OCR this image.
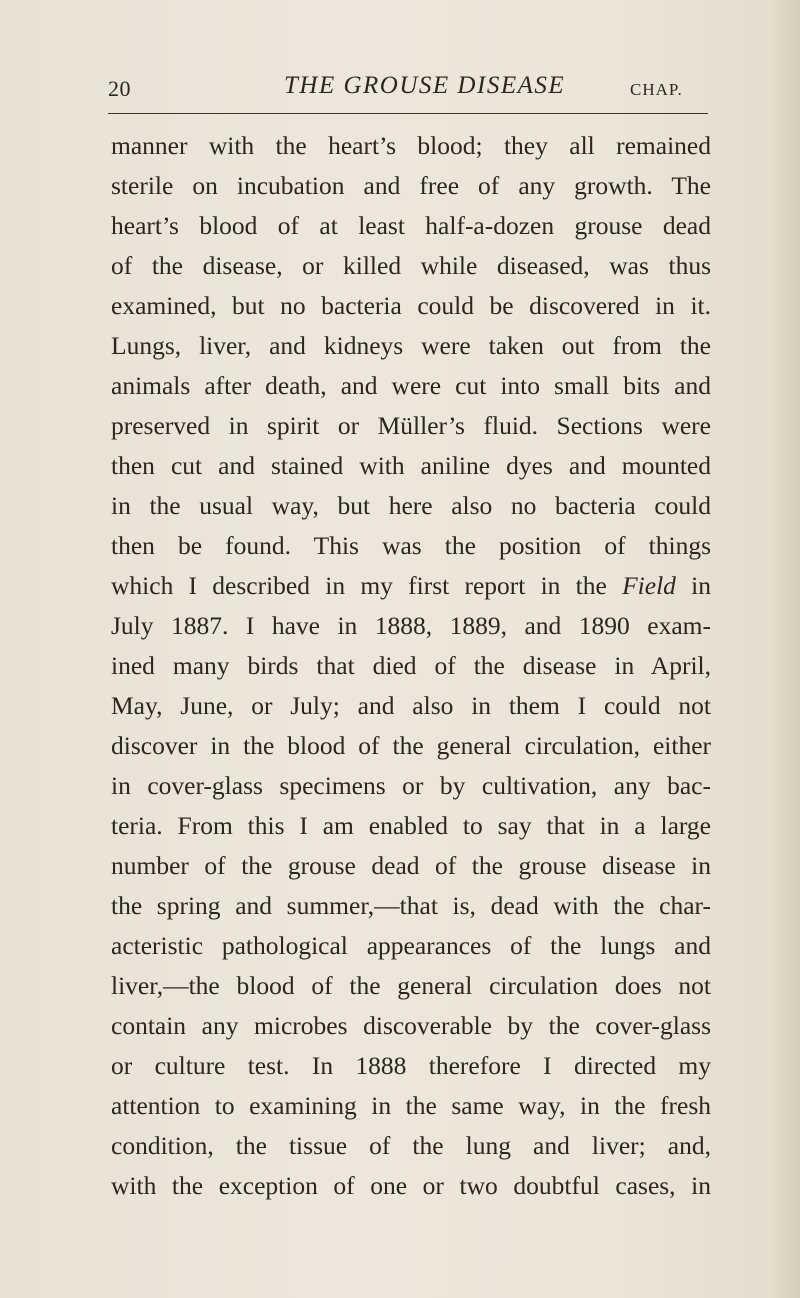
20	THE GROUSE DISEASE	CHAP.
manner with the heart’s blood; they all remained
sterile on incubation and free of any growth. The
heart’s blood of at least half-a-dozen grouse dead
of the disease, or killed while diseased, was thus
examined, but no bacteria could be discovered in it.
Lungs, liver, and kidneys were taken out from the
animals after death, and were cut into small bits and
preserved in spirit or Müller’s fluid. Sections were
then cut and stained with aniline dyes and mounted
in the usual way, but here also no bacteria could
then be found. This was the position of things
which I described in my first report in the Field in
July 1887. I have in 1888, 1889, and 1890 exam-
ined many birds that died of the disease in April,
May, June, or July; and also in them I could not
discover in the blood of the general circulation, either
in cover-glass specimens or by cultivation, any bac-
teria. From this I am enabled to say that in a large
number of the grouse dead of the grouse disease in
the spring and summer,—that is, dead with the char-
acteristic pathological appearances of the lungs and
liver,—the blood of the general circulation does not
contain any microbes discoverable by the cover-glass
or culture test. In 1888 therefore I directed my
attention to examining in the same way, in the fresh
condition, the tissue of the lung and liver; and,
with the exception of one or two doubtful cases, in
